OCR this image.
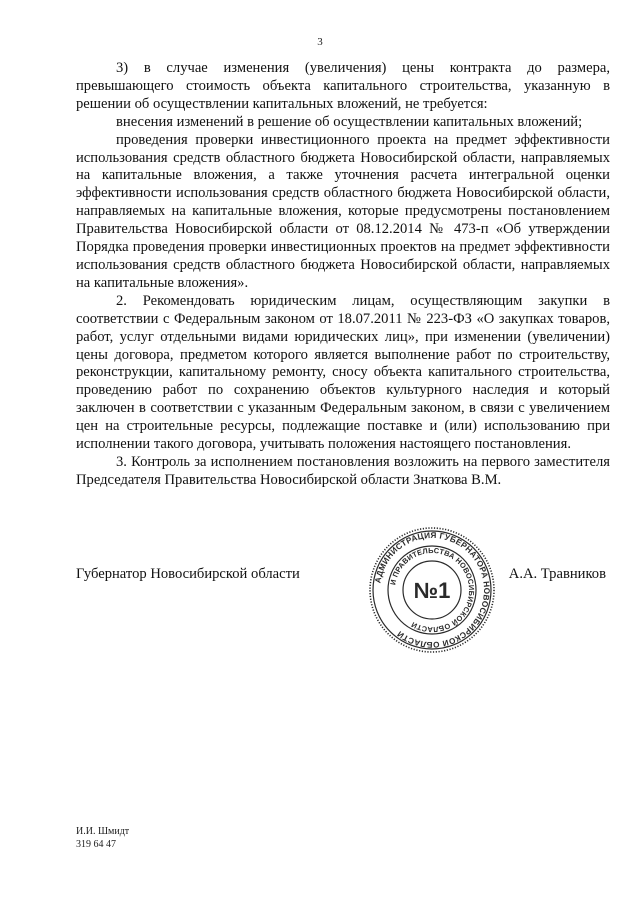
3

3) в случае изменения (увеличения) цены контракта до размера, превышающего стоимость объекта капитального строительства, указанную в решении об осуществлении капитальных вложений, не требуется:

внесения изменений в решение об осуществлении капитальных вложений;

проведения проверки инвестиционного проекта на предмет эффективности использования средств областного бюджета Новосибирской области, направляемых на капитальные вложения, а также уточнения расчета интегральной оценки эффективности использования средств областного бюджета Новосибирской области, направляемых на капитальные вложения, которые предусмотрены постановлением Правительства Новосибирской области от 08.12.2014 № 473-п «Об утверждении Порядка проведения проверки инвестиционных проектов на предмет эффективности использования средств областного бюджета Новосибирской области, направляемых на капитальные вложения».

2. Рекомендовать юридическим лицам, осуществляющим закупки в соответствии с Федеральным законом от 18.07.2011 № 223-ФЗ «О закупках товаров, работ, услуг отдельными видами юридических лиц», при изменении (увеличении) цены договора, предметом которого является выполнение работ по строительству, реконструкции, капитальному ремонту, сносу объекта капитального строительства, проведению работ по сохранению объектов культурного наследия и который заключен в соответствии с указанным Федеральным законом, в связи с увеличением цен на строительные ресурсы, подлежащие поставке и (или) использованию при исполнении такого договора, учитывать положения настоящего постановления.

3. Контроль за исполнением постановления возложить на первого заместителя Председателя Правительства Новосибирской области Знаткова В.М.

Губернатор Новосибирской области	А.А. Травников
АДМИНИСТРАЦИЯ ГУБЕРНАТОРА НОВОСИБИРСКОЙ ОБЛАСТИ
И ПРАВИТЕЛЬСТВА НОВОСИБИРСКОЙ ОБЛАСТИ
№1
И.И. Шмидт
319 64 47
